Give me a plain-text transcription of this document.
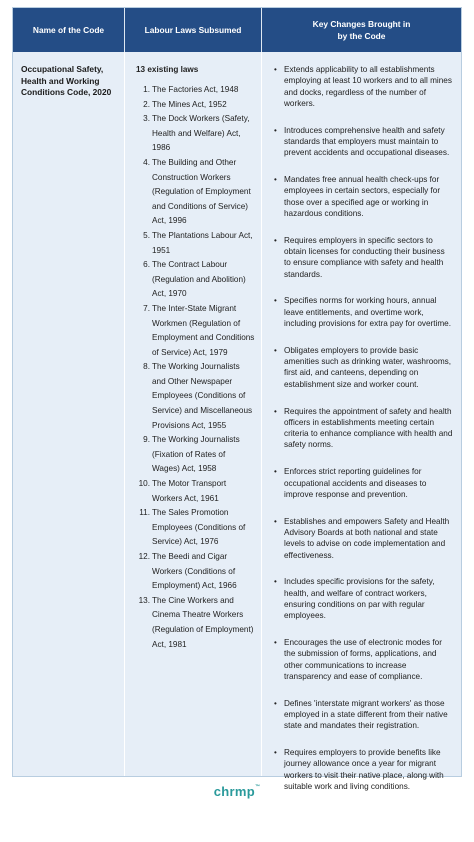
Name of the Code	Labour Laws Subsumed
Key Changes Brought in
by the Code
Occupational Safety, Health and Working Conditions Code, 2020
13 existing laws
1. The Factories Act, 1948
2. The Mines Act, 1952
3. The Dock Workers (Safety, Health and Welfare) Act, 1986
4. The Building and Other Construction Workers (Regulation of Employment and Conditions of Service) Act, 1996
5. The Plantations Labour Act, 1951
6. The Contract Labour (Regulation and Abolition) Act, 1970
7. The Inter-State Migrant Workmen (Regulation of Employment and Conditions of Service) Act, 1979
8. The Working Journalists and Other Newspaper Employees (Conditions of Service) and Miscellaneous Provisions Act, 1955
9. The Working Journalists (Fixation of Rates of Wages) Act, 1958
10. The Motor Transport Workers Act, 1961
11. The Sales Promotion Employees (Conditions of Service) Act, 1976
12. The Beedi and Cigar Workers (Conditions of Employment) Act, 1966
13. The Cine Workers and Cinema Theatre Workers (Regulation of Employment) Act, 1981
• Extends applicability to all establishments employing at least 10 workers and to all mines and docks, regardless of the number of workers.
• Introduces comprehensive health and safety standards that employers must maintain to prevent accidents and occupational diseases.
• Mandates free annual health check-ups for employees in certain sectors, especially for those over a specified age or working in hazardous conditions.
• Requires employers in specific sectors to obtain licenses for conducting their business to ensure compliance with safety and health standards.
• Specifies norms for working hours, annual leave entitlements, and overtime work, including provisions for extra pay for overtime.
• Obligates employers to provide basic amenities such as drinking water, washrooms, first aid, and canteens, depending on establishment size and worker count.
• Requires the appointment of safety and health officers in establishments meeting certain criteria to enhance compliance with health and safety norms.
• Enforces strict reporting guidelines for occupational accidents and diseases to improve response and prevention.
• Establishes and empowers Safety and Health Advisory Boards at both national and state levels to advise on code implementation and effectiveness.
• Includes specific provisions for the safety, health, and welfare of contract workers, ensuring conditions on par with regular employees.
• Encourages the use of electronic modes for the submission of forms, applications, and other communications to increase transparency and ease of compliance.
• Defines 'interstate migrant workers' as those employed in a state different from their native state and mandates their registration.
• Requires employers to provide benefits like journey allowance once a year for migrant workers to visit their native place, along with suitable work and living conditions.
chrmp™
